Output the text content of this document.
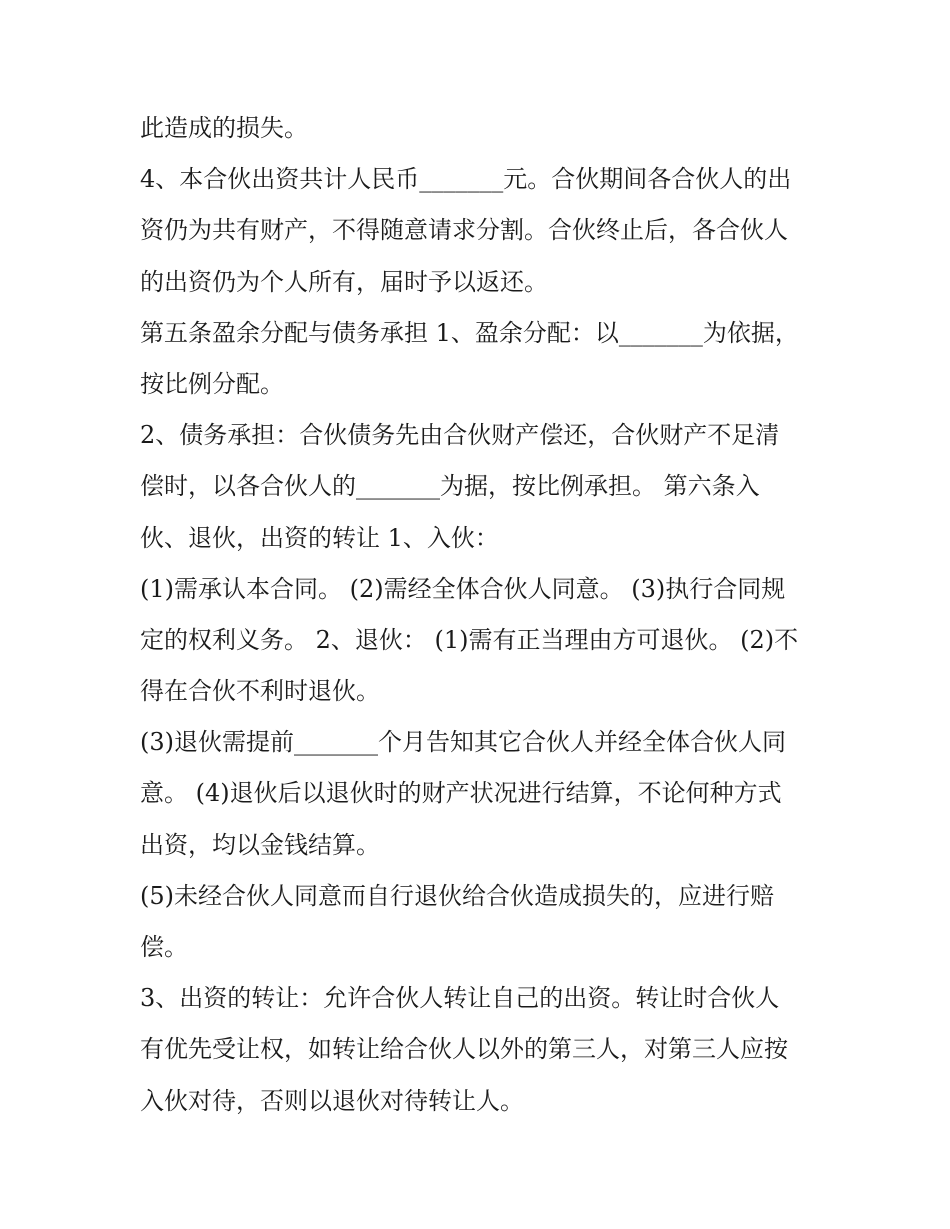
此造成的损失。
4、本合伙出资共计人民币_______元。合伙期间各合伙人的出
资仍为共有财产，不得随意请求分割。合伙终止后，各合伙人
的出资仍为个人所有，届时予以返还。
第五条盈余分配与债务承担 1、盈余分配：以_______为依据，
按比例分配。
2、债务承担：合伙债务先由合伙财产偿还，合伙财产不足清
偿时，以各合伙人的_______为据，按比例承担。 第六条入
伙、退伙，出资的转让 1、入伙：
(1)需承认本合同。 (2)需经全体合伙人同意。 (3)执行合同规
定的权利义务。 2、退伙： (1)需有正当理由方可退伙。 (2)不
得在合伙不利时退伙。
(3)退伙需提前_______个月告知其它合伙人并经全体合伙人同
意。 (4)退伙后以退伙时的财产状况进行结算，不论何种方式
出资，均以金钱结算。
(5)未经合伙人同意而自行退伙给合伙造成损失的，应进行赔
偿。
3、出资的转让：允许合伙人转让自己的出资。转让时合伙人
有优先受让权，如转让给合伙人以外的第三人，对第三人应按
入伙对待，否则以退伙对待转让人。
